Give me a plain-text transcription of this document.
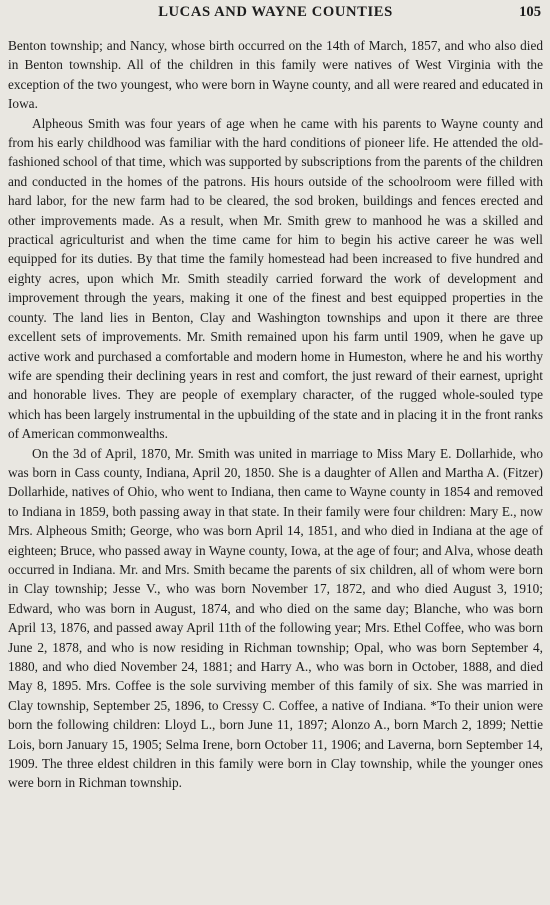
LUCAS AND WAYNE COUNTIES	105

Benton township; and Nancy, whose birth occurred on the 14th of March, 1857, and who also died in Benton township. All of the children in this family were natives of West Virginia with the exception of the two youngest, who were born in Wayne county, and all were reared and educated in Iowa.

Alpheous Smith was four years of age when he came with his parents to Wayne county and from his early childhood was familiar with the hard conditions of pioneer life. He attended the old-fashioned school of that time, which was supported by subscriptions from the parents of the children and conducted in the homes of the patrons. His hours outside of the schoolroom were filled with hard labor, for the new farm had to be cleared, the sod broken, buildings and fences erected and other improvements made. As a result, when Mr. Smith grew to manhood he was a skilled and practical agriculturist and when the time came for him to begin his active career he was well equipped for its duties. By that time the family homestead had been increased to five hundred and eighty acres, upon which Mr. Smith steadily carried forward the work of development and improvement through the years, making it one of the finest and best equipped properties in the county. The land lies in Benton, Clay and Washington townships and upon it there are three excellent sets of improvements. Mr. Smith remained upon his farm until 1909, when he gave up active work and purchased a comfortable and modern home in Humeston, where he and his worthy wife are spending their declining years in rest and comfort, the just reward of their earnest, upright and honorable lives. They are people of exemplary character, of the rugged whole-souled type which has been largely instrumental in the upbuilding of the state and in placing it in the front ranks of American commonwealths.

On the 3d of April, 1870, Mr. Smith was united in marriage to Miss Mary E. Dollarhide, who was born in Cass county, Indiana, April 20, 1850. She is a daughter of Allen and Martha A. (Fitzer) Dollarhide, natives of Ohio, who went to Indiana, then came to Wayne county in 1854 and removed to Indiana in 1859, both passing away in that state. In their family were four children: Mary E., now Mrs. Alpheous Smith; George, who was born April 14, 1851, and who died in Indiana at the age of eighteen; Bruce, who passed away in Wayne county, Iowa, at the age of four; and Alva, whose death occurred in Indiana. Mr. and Mrs. Smith became the parents of six children, all of whom were born in Clay township; Jesse V., who was born November 17, 1872, and who died August 3, 1910; Edward, who was born in August, 1874, and who died on the same day; Blanche, who was born April 13, 1876, and passed away April 11th of the following year; Mrs. Ethel Coffee, who was born June 2, 1878, and who is now residing in Richman township; Opal, who was born September 4, 1880, and who died November 24, 1881; and Harry A., who was born in October, 1888, and died May 8, 1895. Mrs. Coffee is the sole surviving member of this family of six. She was married in Clay township, September 25, 1896, to Cressy C. Coffee, a native of Indiana. *To their union were born the following children: Lloyd L., born June 11, 1897; Alonzo A., born March 2, 1899; Nettie Lois, born January 15, 1905; Selma Irene, born October 11, 1906; and Laverna, born September 14, 1909. The three eldest children in this family were born in Clay township, while the younger ones were born in Richman township.
